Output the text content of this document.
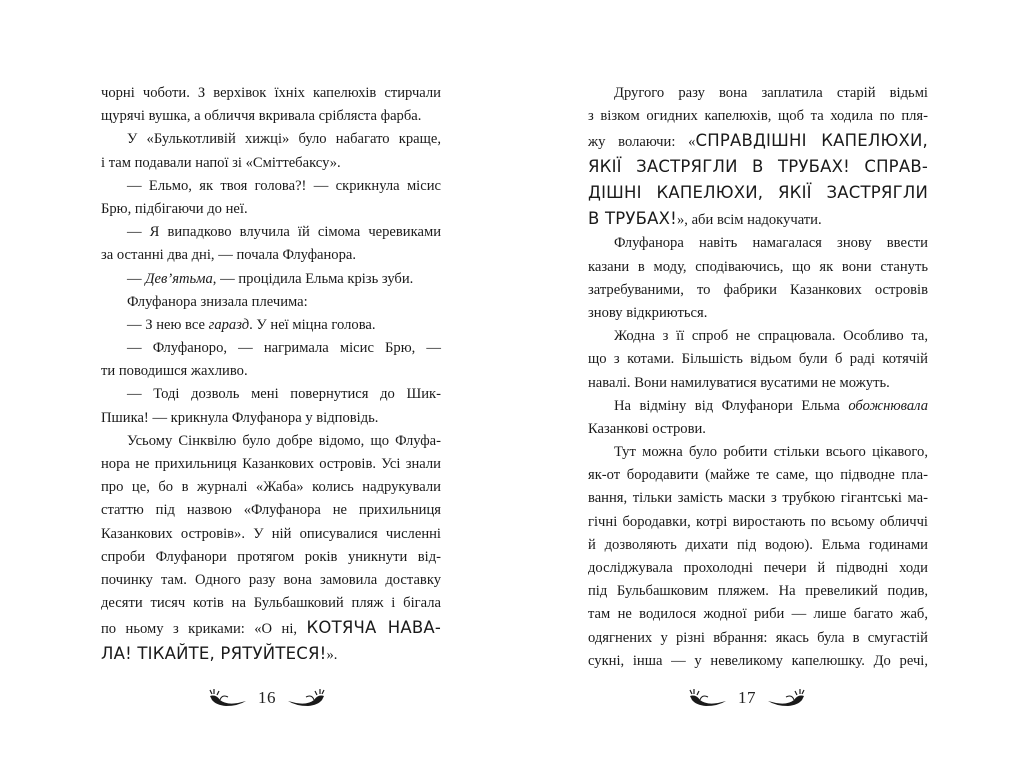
чорні чоботи. З верхівок їхніх капелюхів стирчали
щурячі вушка, а обличчя вкривала срібляста фарба.
У «Булькотливій хижці» було набагато краще,
і там подавали напої зі «Сміттебаксу».
— Ельмо, як твоя голова?! — скрикнула місис
Брю, підбігаючи до неї.
— Я випадково влучила їй сімома черевиками
за останні два дні, — почала Флуфанора.
— Дев’ятьма, — процідила Ельма крізь зуби.
Флуфанора знизала плечима:
— З нею все гаразд. У неї міцна голова.
— Флуфаноро, — нагримала місис Брю, —
ти поводишся жахливо.
— Тоді дозволь мені повернутися до Шик-
Пшика! — крикнула Флуфанора у відповідь.
Усьому Сінквілю було добре відомо, що Флуфа-
нора не прихильниця Казанкових островів. Усі знали
про це, бо в журналі «Жаба» колись надрукували
статтю під назвою «Флуфанора не прихильниця
Казанкових островів». У ній описувалися численні
спроби Флуфанори протягом років уникнути від-
починку там. Одного разу вона замовила доставку
десяти тисяч котів на Бульбашковий пляж і бігала
по ньому з криками: «О ні, КОТЯЧА НАВА-
ЛА! ТІКАЙТЕ, РЯТУЙТЕСЯ!».
16
Другого разу вона заплатила старій відьмі
з візком огидних капелюхів, щоб та ходила по пля-
жу волаючи: «СПРАВДІШНІ КАПЕЛЮХИ,
ЯКІЇ ЗАСТРЯГЛИ В ТРУБАХ! СПРАВ-
ДІШНІ КАПЕЛЮХИ, ЯКІЇ ЗАСТРЯГЛИ
В ТРУБАХ!», аби всім надокучати.
Флуфанора навіть намагалася знову ввести
казани в моду, сподіваючись, що як вони стануть
затребуваними, то фабрики Казанкових островів
знову відкриються.
Жодна з її спроб не спрацювала. Особливо та,
що з котами. Більшість відьом були б раді котячій
навалі. Вони намилуватися вусатими не можуть.
На відміну від Флуфанори Ельма обожнювала
Казанкові острови.
Тут можна було робити стільки всього цікавого,
як-от бородавити (майже те саме, що підводне пла-
вання, тільки замість маски з трубкою гігантські ма-
гічні бородавки, котрі виростають по всьому обличчі
й дозволяють дихати під водою). Ельма годинами
досліджувала прохолодні печери й підводні ходи
під Бульбашковим пляжем. На превеликий подив,
там не водилося жодної риби — лише багато жаб,
одягнених у різні вбрання: якась була в смугастій
сукні, інша — у невеликому капелюшку. До речі,
17
